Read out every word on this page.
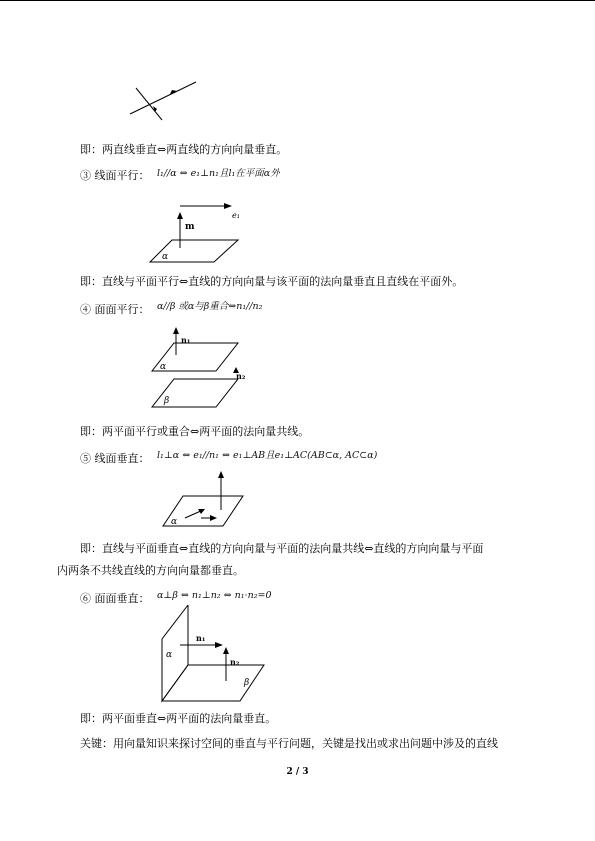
即：两直线垂直⇔两直线的方向向量垂直。
③ 线面平行： l₁//α ⇔ e₁⊥n₁且l₁在平面α外
m
e₁
α
即：直线与平面平行⇔直线的方向向量与该平面的法向量垂直且直线在平面外。
④ 面面平行： α//β 或α与β重合⇔n₁//n₂
n₁
n₂
α
β
即：两平面平行或重合⇔两平面的法向量共线。
⑤ 线面垂直： l₁⊥α ⇔ e₁//n₁ ⇔ e₁⊥AB且e₁⊥AC(AB⊂α, AC⊂α)
α
即：直线与平面垂直⇔直线的方向向量与平面的法向量共线⇔直线的方向向量与平面
内两条不共线直线的方向向量都垂直。
⑥ 面面垂直： α⊥β ⇔ n₁⊥n₂ ⇔ n₁·n₂=0
n₁
n₂
α
β
即：两平面垂直⇔两平面的法向量垂直。
关键：用向量知识来探讨空间的垂直与平行问题，关键是找出或求出问题中涉及的直线
2 / 3
